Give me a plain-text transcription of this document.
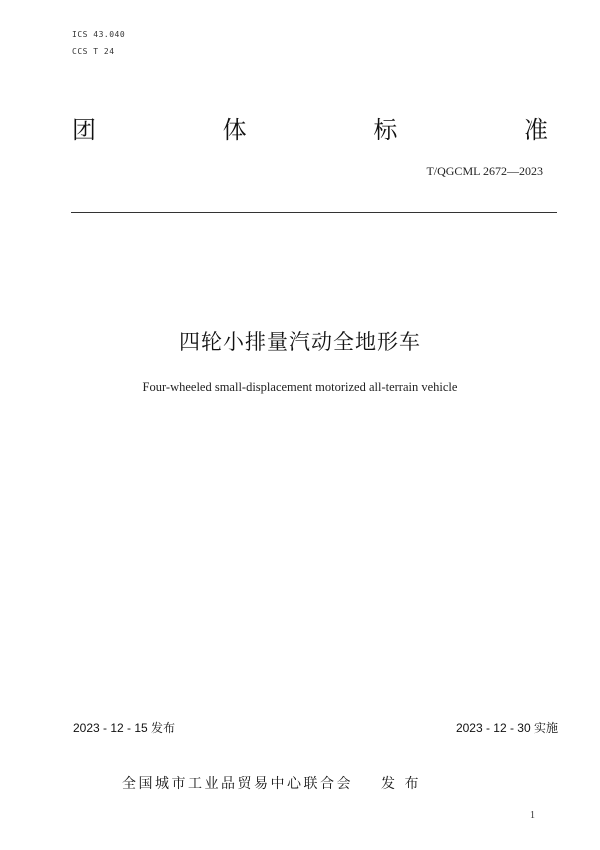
ICS 43.040
CCS T 24
团	体	标	准
T/QGCML 2672—2023
四轮小排量汽动全地形车
Four-wheeled small-displacement motorized all-terrain vehicle
2023 - 12 - 15 发布	2023 - 12 - 30 实施
全国城市工业品贸易中心联合会 发 布
1
